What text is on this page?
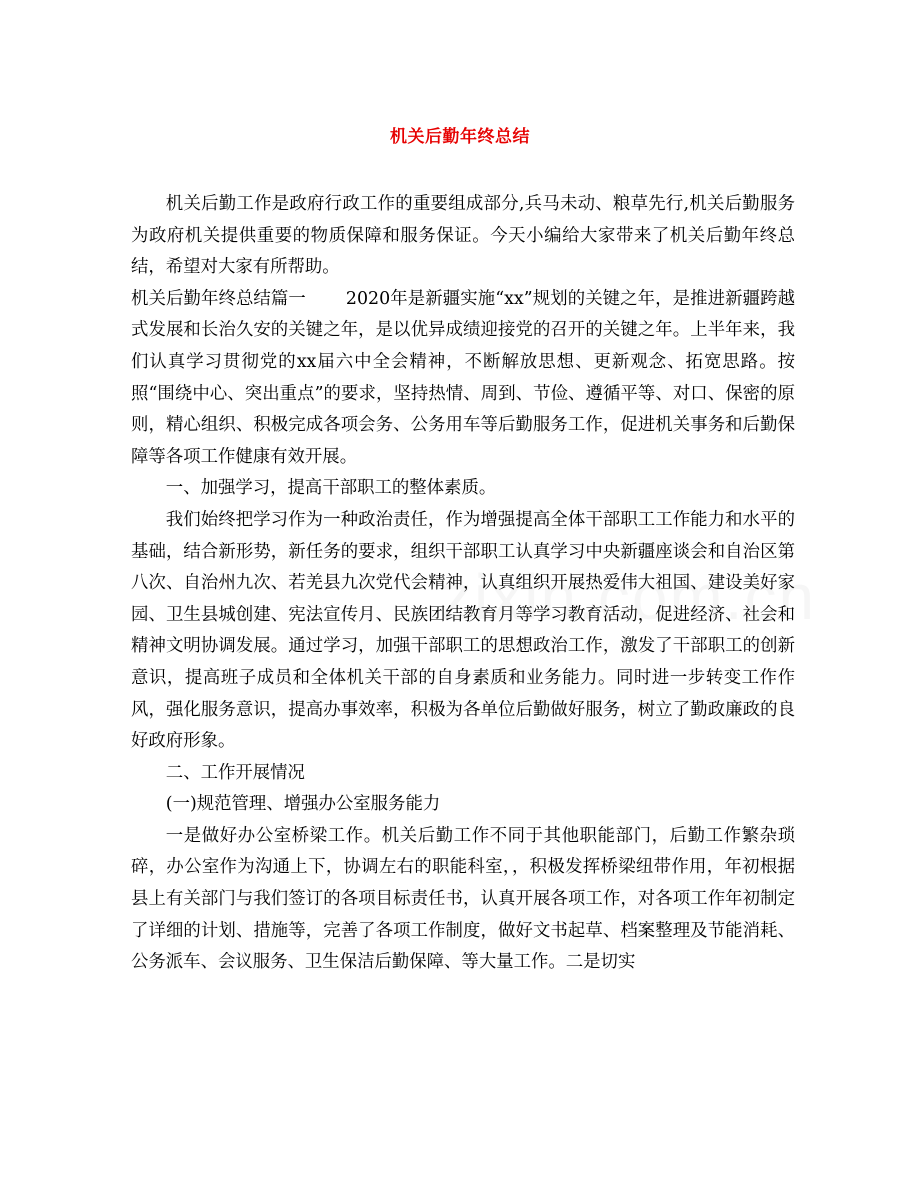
机关后勤年终总结

机关后勤工作是政府行政工作的重要组成部分,兵马未动、粮草先行,机关后勤服务为政府机关提供重要的物质保障和服务保证。今天小编给大家带来了机关后勤年终总结，希望对大家有所帮助。

机关后勤年终总结篇一 2020年是新疆实施“xx”规划的关键之年，是推进新疆跨越式发展和长治久安的关键之年，是以优异成绩迎接党的召开的关键之年。上半年来，我们认真学习贯彻党的xx届六中全会精神，不断解放思想、更新观念、拓宽思路。按照“围绕中心、突出重点”的要求，坚持热情、周到、节俭、遵循平等、对口、保密的原则，精心组织、积极完成各项会务、公务用车等后勤服务工作，促进机关事务和后勤保障等各项工作健康有效开展。

一、加强学习，提高干部职工的整体素质。

我们始终把学习作为一种政治责任，作为增强提高全体干部职工工作能力和水平的基础，结合新形势，新任务的要求，组织干部职工认真学习中央新疆座谈会和自治区第八次、自治州九次、若羌县九次党代会精神，认真组织开展热爱伟大祖国、建设美好家园、卫生县城创建、宪法宣传月、民族团结教育月等学习教育活动，促进经济、社会和精神文明协调发展。通过学习，加强干部职工的思想政治工作，激发了干部职工的创新意识，提高班子成员和全体机关干部的自身素质和业务能力。同时进一步转变工作作风，强化服务意识，提高办事效率，积极为各单位后勤做好服务，树立了勤政廉政的良好政府形象。

二、工作开展情况

(一)规范管理、增强办公室服务能力

一是做好办公室桥梁工作。机关后勤工作不同于其他职能部门，后勤工作繁杂琐碎，办公室作为沟通上下，协调左右的职能科室，，积极发挥桥梁纽带作用，年初根据县上有关部门与我们签订的各项目标责任书，认真开展各项工作，对各项工作年初制定了详细的计划、措施等，完善了各项工作制度，做好文书起草、档案整理及节能消耗、公务派车、会议服务、卫生保洁后勤保障、等大量工作。二是切实
